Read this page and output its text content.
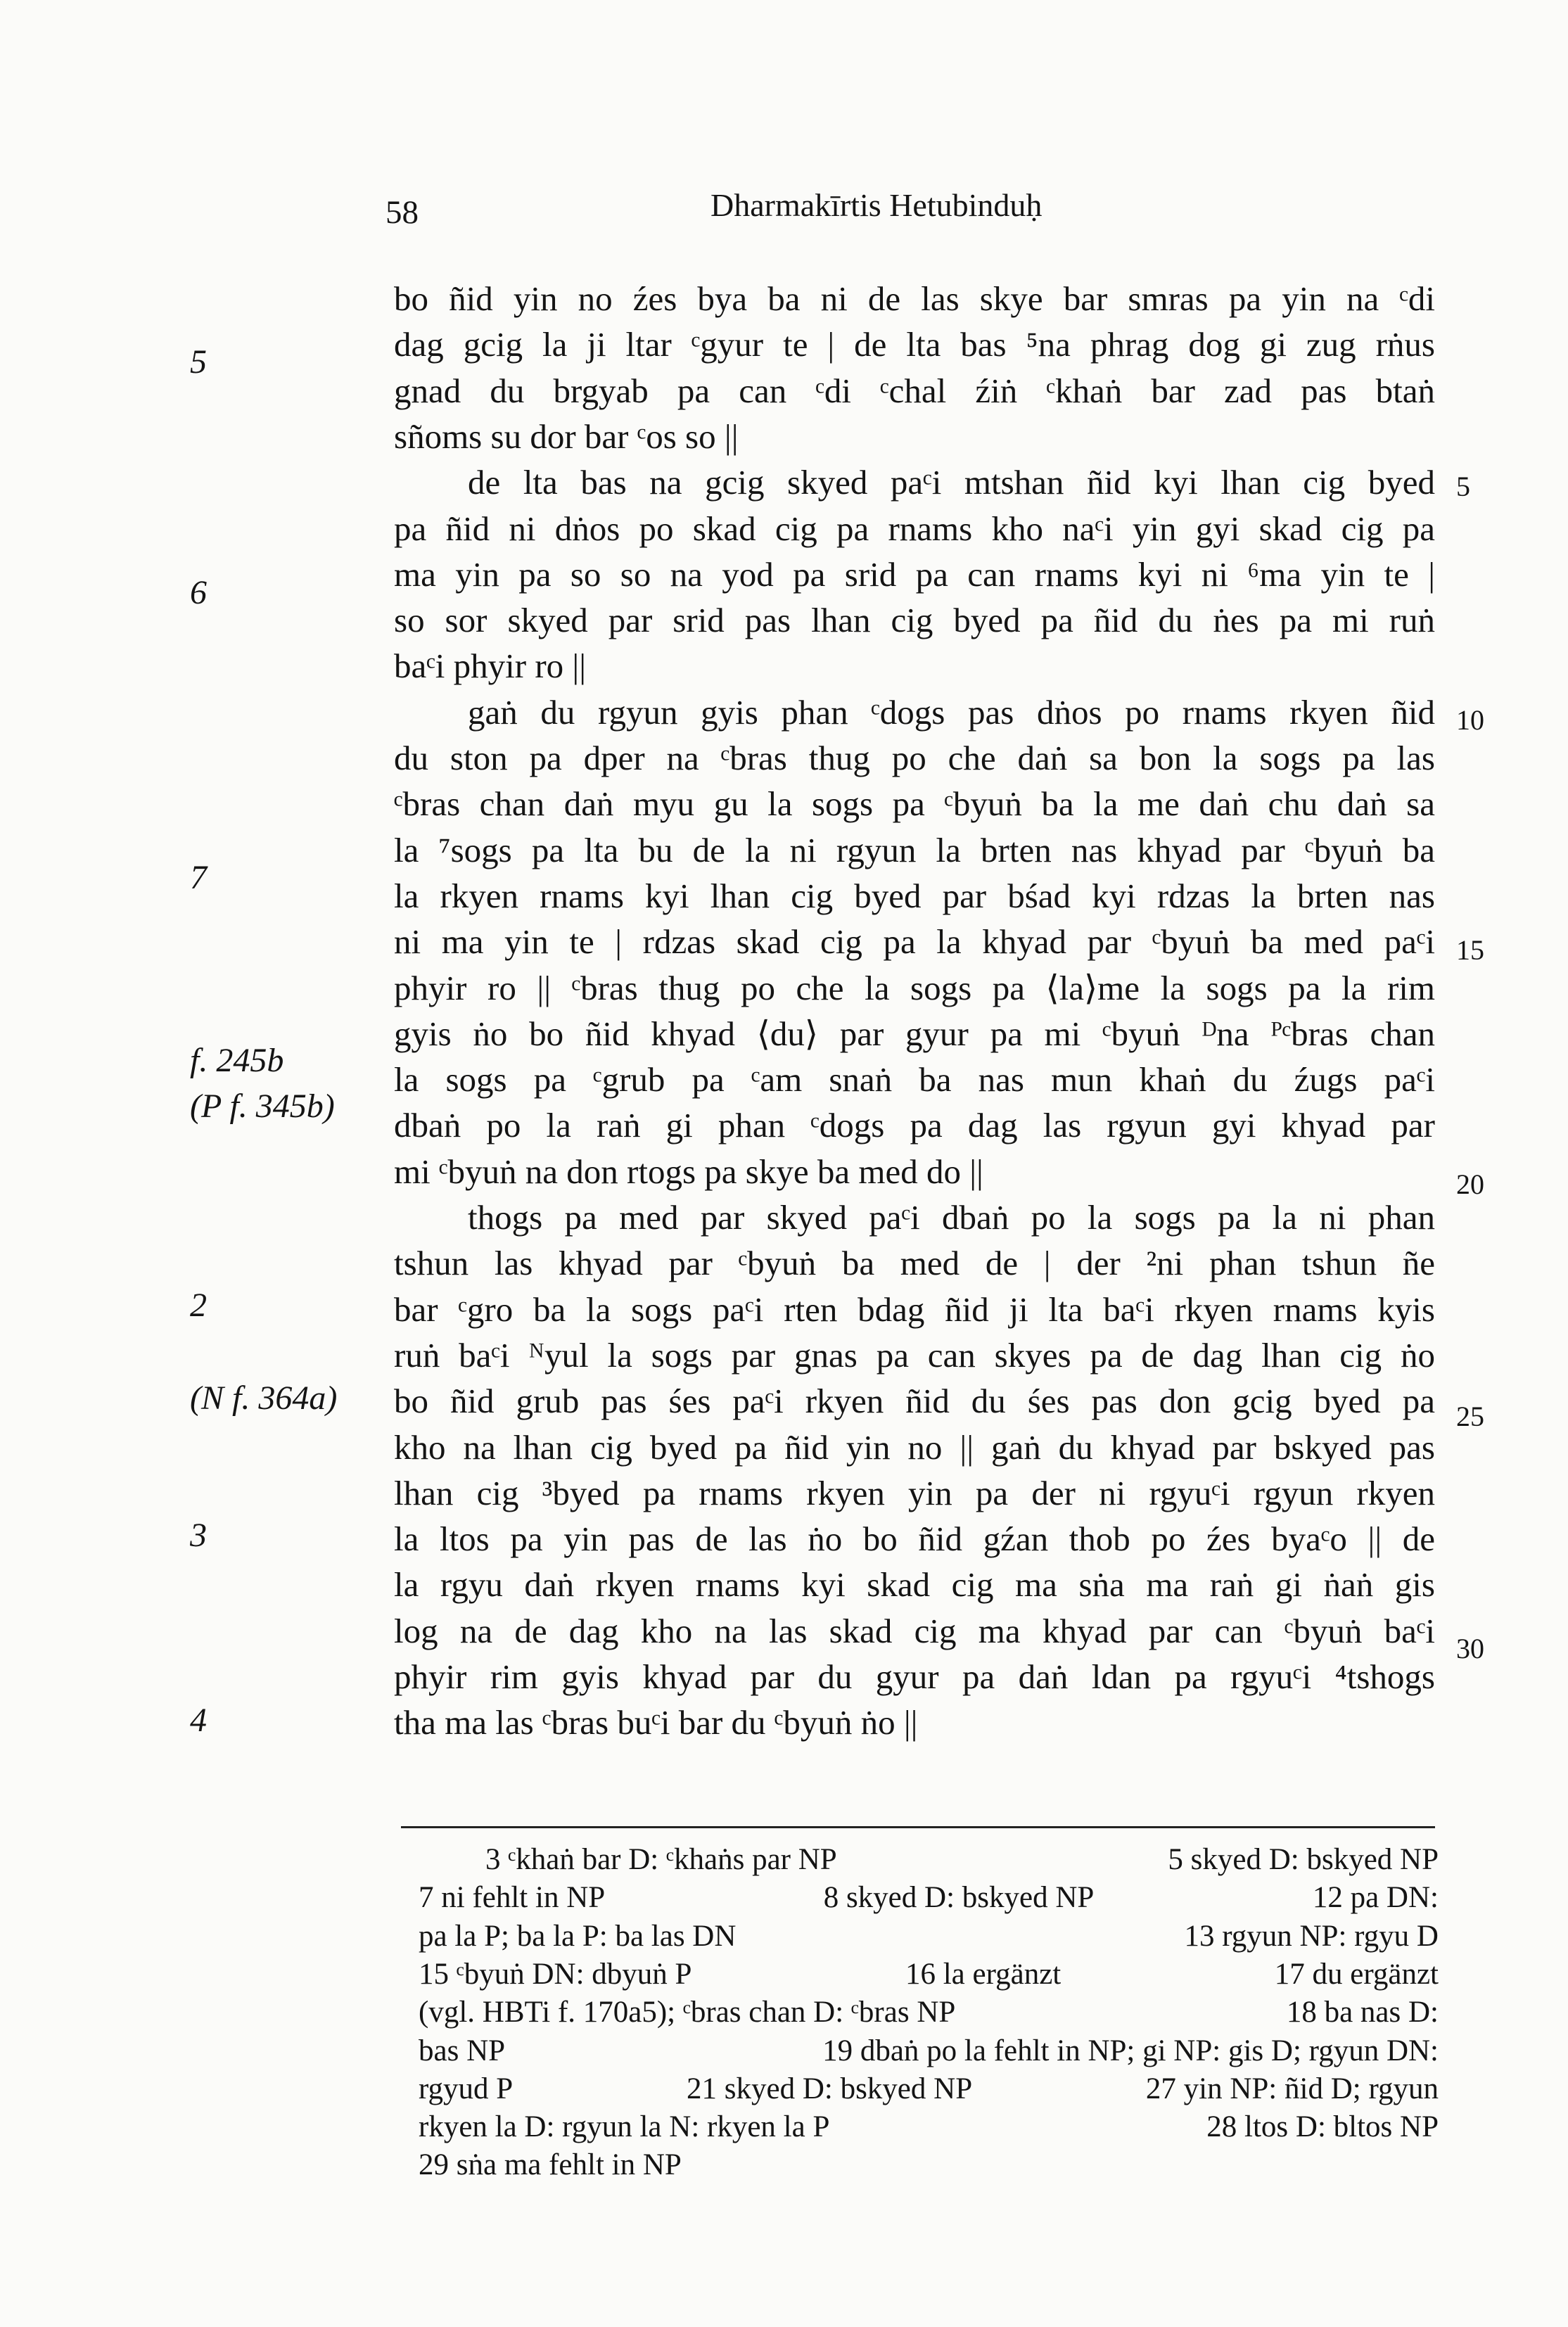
58	Dharmakīrtis Hetubinduḥ
bo ñid yin no źes bya ba ni de las skye bar smras pa yin na ᶜdi
dag gcig la ji ltar ᶜgyur te | de lta bas ⁵na phrag dog gi zug rṅus
gnad du brgyab pa can ᶜdi ᶜchal źiṅ ᶜkhaṅ bar zad pas btaṅ
sñoms su dor bar ᶜos so ||
de lta bas na gcig skyed paᶜi mtshan ñid kyi lhan cig byed
pa ñid ni dṅos po skad cig pa rnams kho naᶜi yin gyi skad cig pa
ma yin pa so so na yod pa srid pa can rnams kyi ni ⁶ma yin te |
so sor skyed par srid pas lhan cig byed pa ñid du ṅes pa mi ruṅ
baᶜi phyir ro ||
gaṅ du rgyun gyis phan ᶜdogs pas dṅos po rnams rkyen ñid
du ston pa dper na ᶜbras thug po che daṅ sa bon la sogs pa las
ᶜbras chan daṅ myu gu la sogs pa ᶜbyuṅ ba la me daṅ chu daṅ sa
la ⁷sogs pa lta bu de la ni rgyun la brten nas khyad par ᶜbyuṅ ba
la rkyen rnams kyi lhan cig byed par bśad kyi rdzas la brten nas
ni ma yin te | rdzas skad cig pa la khyad par ᶜbyuṅ ba med paᶜi
phyir ro || ᶜbras thug po che la sogs pa ⟨la⟩me la sogs pa la rim
gyis ṅo bo ñid khyad ⟨du⟩ par gyur pa mi ᶜbyuṅ ᴰna ᴾᶜbras chan
la sogs pa ᶜgrub pa ᶜam snaṅ ba nas mun khaṅ du źugs paᶜi
dbaṅ po la raṅ gi phan ᶜdogs pa dag las rgyun gyi khyad par
mi ᶜbyuṅ na don rtogs pa skye ba med do ||
thogs pa med par skyed paᶜi dbaṅ po la sogs pa la ni phan
tshun las khyad par ᶜbyuṅ ba med de | der ²ni phan tshun ñe
bar ᶜgro ba la sogs paᶜi rten bdag ñid ji lta baᶜi rkyen rnams kyis
ruṅ baᶜi ᴺyul la sogs par gnas pa can skyes pa de dag lhan cig ṅo
bo ñid grub pas śes paᶜi rkyen ñid du śes pas don gcig byed pa
kho na lhan cig byed pa ñid yin no || gaṅ du khyad par bskyed pas
lhan cig ³byed pa rnams rkyen yin pa der ni rgyuᶜi rgyun rkyen
la ltos pa yin pas de las ṅo bo ñid gźan thob po źes byaᶜo || de
la rgyu daṅ rkyen rnams kyi skad cig ma sṅa ma raṅ gi ṅaṅ gis
log na de dag kho na las skad cig ma khyad par can ᶜbyuṅ baᶜi
phyir rim gyis khyad par du gyur pa daṅ ldan pa rgyuᶜi ⁴tshogs
tha ma las ᶜbras buᶜi bar du ᶜbyuṅ ṅo ||
5
6
7
f. 245b
(P f. 345b)
2
(N f. 364a)
3
4
5
10
15
20
25
30
3 ᶜkhaṅ bar D: ᶜkhaṅs par NP	5 skyed D: bskyed NP
7 ni fehlt in NP	8 skyed D: bskyed NP	12 pa DN:
pa la P; ba la P: ba las DN	13 rgyun NP: rgyu D
15 ᶜbyuṅ DN: dbyuṅ P	16 la ergänzt	17 du ergänzt
(vgl. HBTi f. 170a5); ᶜbras chan D: ᶜbras NP	18 ba nas D:
bas NP	19 dbaṅ po la fehlt in NP; gi NP: gis D; rgyun DN:
rgyud P	21 skyed D: bskyed NP	27 yin NP: ñid D; rgyun
rkyen la D: rgyun la N: rkyen la P	28 ltos D: bltos NP
29 sṅa ma fehlt in NP
